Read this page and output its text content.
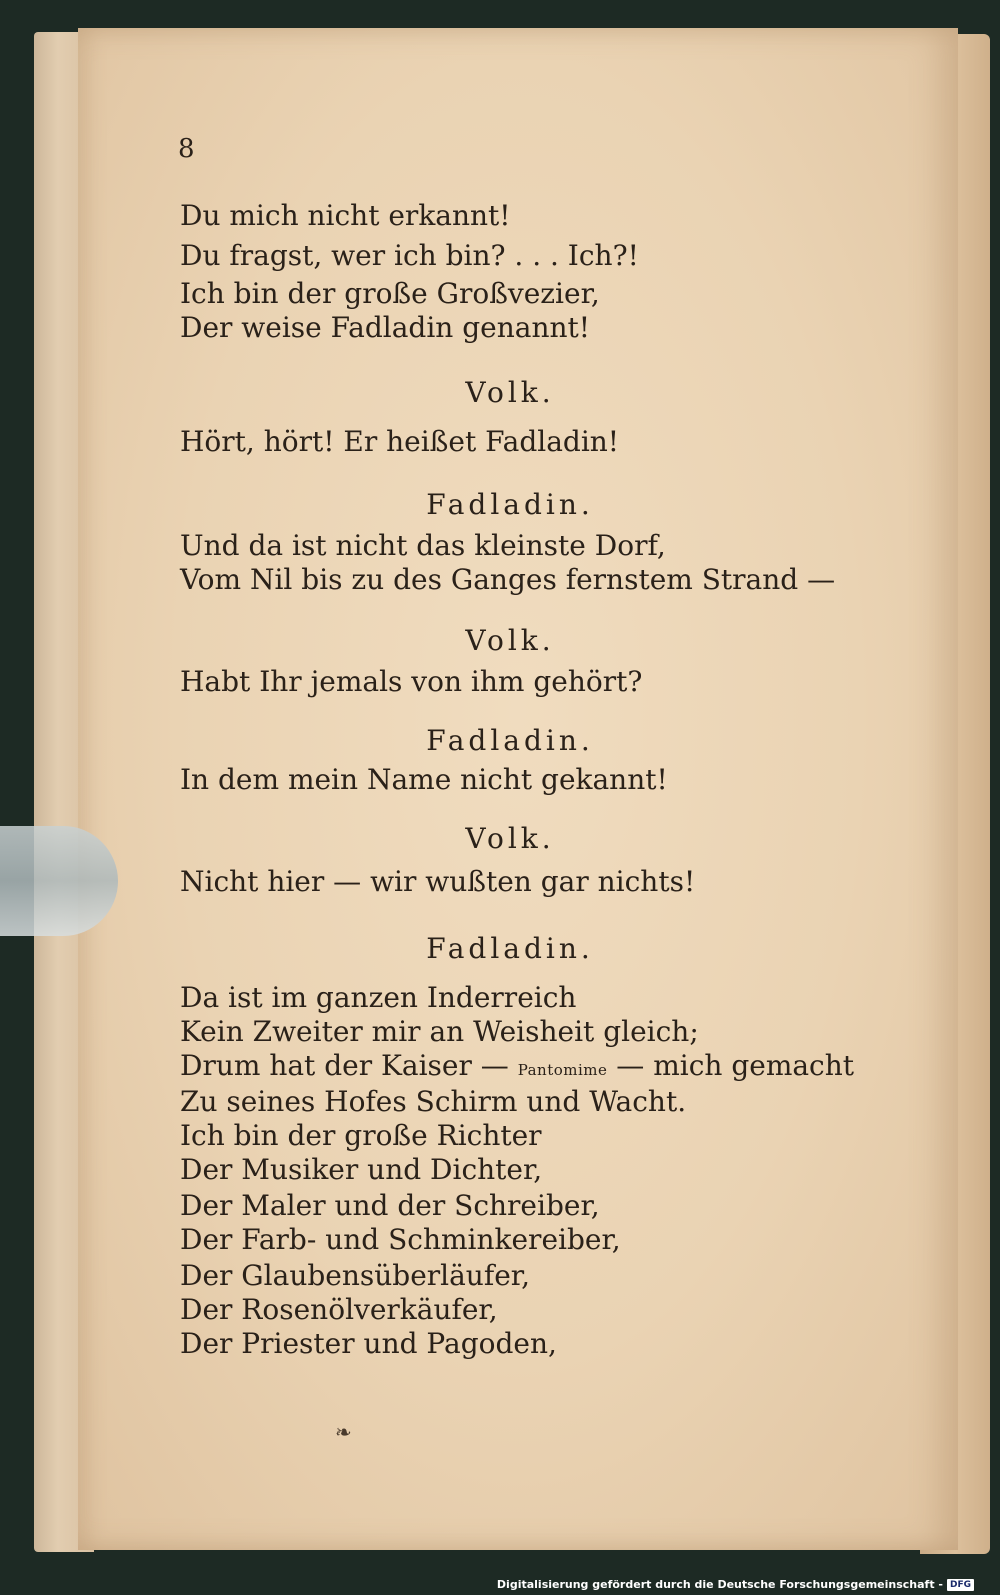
8
Du mich nicht erkannt!
Du fragst, wer ich bin? . . . Ich?!
Ich bin der große Großvezier,
Der weise Fadladin genannt!
Volk.
Hört, hört! Er heißet Fadladin!
Fadladin.
Und da ist nicht das kleinste Dorf,
Vom Nil bis zu des Ganges fernstem Strand —
Volk.
Habt Ihr jemals von ihm gehört?
Fadladin.
In dem mein Name nicht gekannt!
Volk.
Nicht hier — wir wußten gar nichts!
Fadladin.
Da ist im ganzen Inderreich
Kein Zweiter mir an Weisheit gleich;
Drum hat der Kaiser — Pantomime — mich gemacht
Zu seines Hofes Schirm und Wacht.
Ich bin der große Richter
Der Musiker und Dichter,
Der Maler und der Schreiber,
Der Farb- und Schminkereiber,
Der Glaubensüberläufer,
Der Rosenölverkäufer,
Der Priester und Pagoden,
❧
Digitalisierung gefördert durch die Deutsche Forschungsgemeinschaft - DFG
